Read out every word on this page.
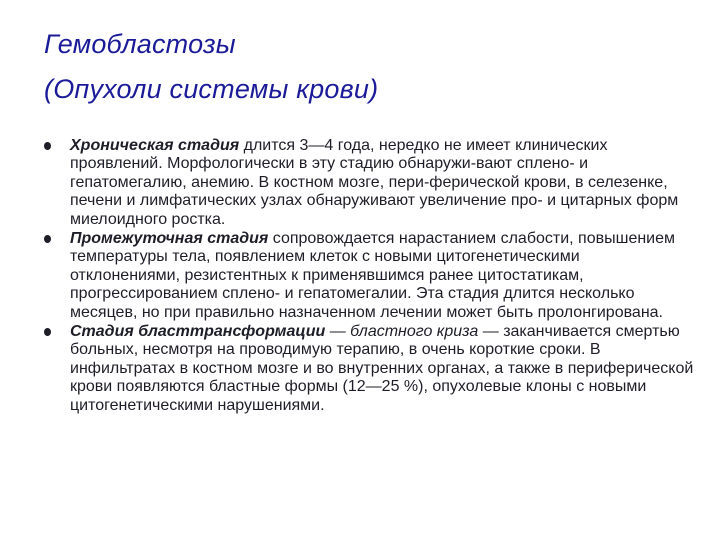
Гемобластозы
(Опухоли системы крови)
Хроническая стадия длится 3—4 года, нередко не имеет клинических проявлений. Морфологически в эту стадию обнаружи-вают сплено- и гепатомегалию, анемию. В костном мозге, пери-ферической крови, в селезенке, печени и лимфатических узлах обнаруживают увеличение про- и цитарных форм миелоидного ростка.
Промежуточная стадия сопровождается нарастанием слабости, повышением температуры тела, появлением клеток с новыми цитогенетическими отклонениями, резистентных к применявшимся ранее цитостатикам, прогрессированием сплено- и гепатомегалии. Эта стадия длится несколько месяцев, но при правильно назначенном лечении может быть пролонгирована.
Стадия бласттрансформации — бластного криза — заканчивается смертью больных, несмотря на проводимую терапию, в очень короткие сроки. В инфильтратах в костном мозге и во внутренних органах, а также в периферической крови появляются бластные формы (12—25 %), опухолевые клоны с новыми цитогенетическими нарушениями.
